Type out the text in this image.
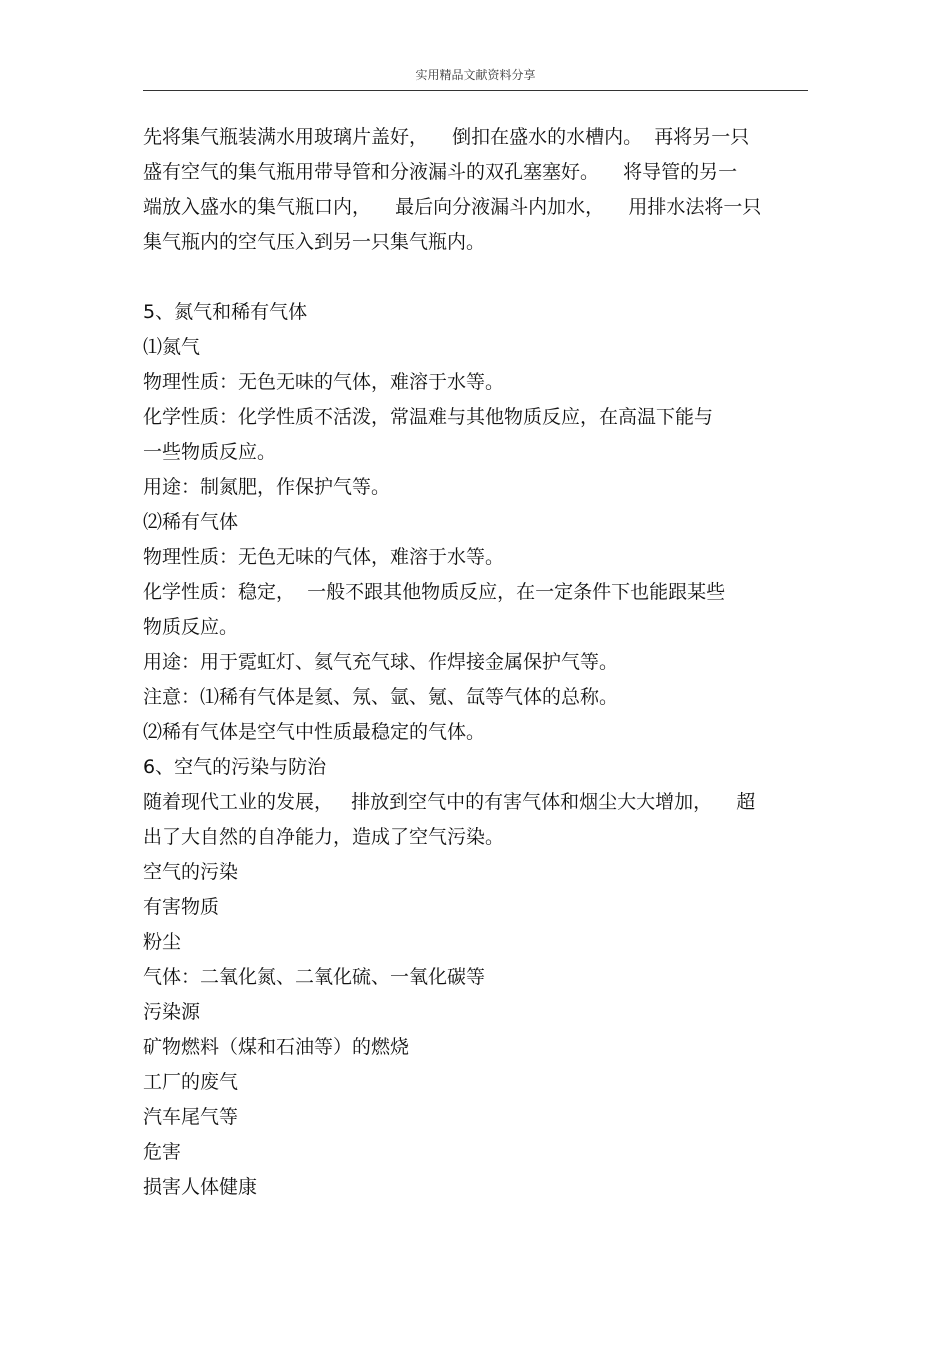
实用精品文献资料分享

先将集气瓶装满水用玻璃片盖好，    倒扣在盛水的水槽内。  再将另一只

盛有空气的集气瓶用带导管和分液漏斗的双孔塞塞好。    将导管的另一

端放入盛水的集气瓶口内，    最后向分液漏斗内加水，    用排水法将一只

集气瓶内的空气压入到另一只集气瓶内。

5、氮气和稀有气体

⑴氮气

物理性质：无色无味的气体，难溶于水等。

化学性质：化学性质不活泼，常温难与其他物质反应，在高温下能与

一些物质反应。

用途：制氮肥，作保护气等。

⑵稀有气体

物理性质：无色无味的气体，难溶于水等。

化学性质：稳定，  一般不跟其他物质反应，在一定条件下也能跟某些

物质反应。

用途：用于霓虹灯、氦气充气球、作焊接金属保护气等。

注意：⑴稀有气体是氦、氖、氩、氪、氙等气体的总称。

⑵稀有气体是空气中性质最稳定的气体。

6、空气的污染与防治

随着现代工业的发展，   排放到空气中的有害气体和烟尘大大增加，    超

出了大自然的自净能力，造成了空气污染。

空气的污染

有害物质

粉尘

气体：二氧化氮、二氧化硫、一氧化碳等

污染源

矿物燃料（煤和石油等）的燃烧

工厂的废气

汽车尾气等

危害

损害人体健康
